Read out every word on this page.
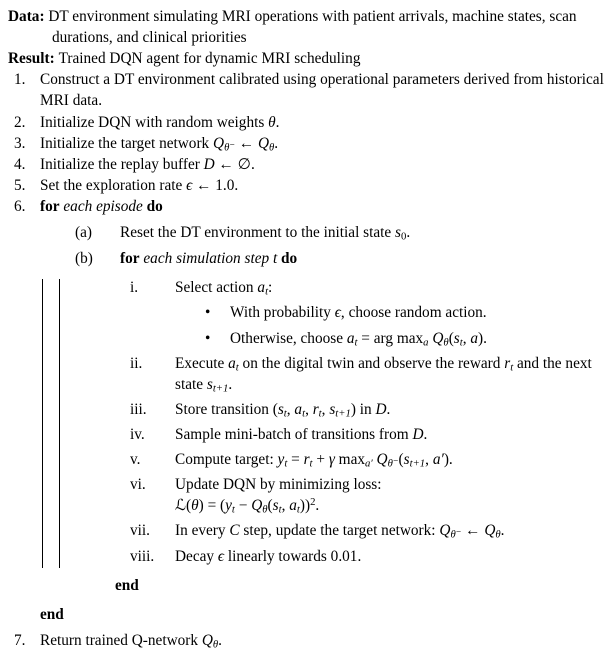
Data: DT environment simulating MRI operations with patient arrivals, machine states, scan durations, and clinical priorities
Result: Trained DQN agent for dynamic MRI scheduling
1. Construct a DT environment calibrated using operational parameters derived from historical MRI data.
2. Initialize DQN with random weights θ.
3. Initialize the target network $Q_{\theta^-}$ ← $Q_\theta$.
4. Initialize the replay buffer D ← ∅.
5. Set the exploration rate ϵ ← 1.0.
6. for each episode do
(a)	Reset the DT environment to the initial state $s_0$.
(b)	for each simulation step t do
i.	Select action $a_t$:
•	With probability ϵ, choose random action.
•	Otherwise, choose $a_t$ = arg $\max_a Q_\theta(s_t$, a).
ii.	Execute $a_t$ on the digital twin and observe the reward $r_t$ and the next state $s_{t+1}$.
iii.	Store transition ($s_t$, $a_t$, $r_t$, $s_{t+1}$) in D.
iv.	Sample mini-batch of transitions from D.
v.	Compute target: $y_t = r_t + \gamma$ $\max_{a'} Q_{\theta^-}(s_{t+1}$, a′).
vi.	Update DQN by minimizing loss:
ℒ(θ) = ($y_t - Q_\theta(s_t$, $a_t))^2$.
vii.	In every C step, update the target network: $Q_{\theta^-}$ ← $Q_\theta$.
viii.	Decay ϵ linearly towards 0.01.
end
end
7. Return trained Q-network $Q_\theta$.
